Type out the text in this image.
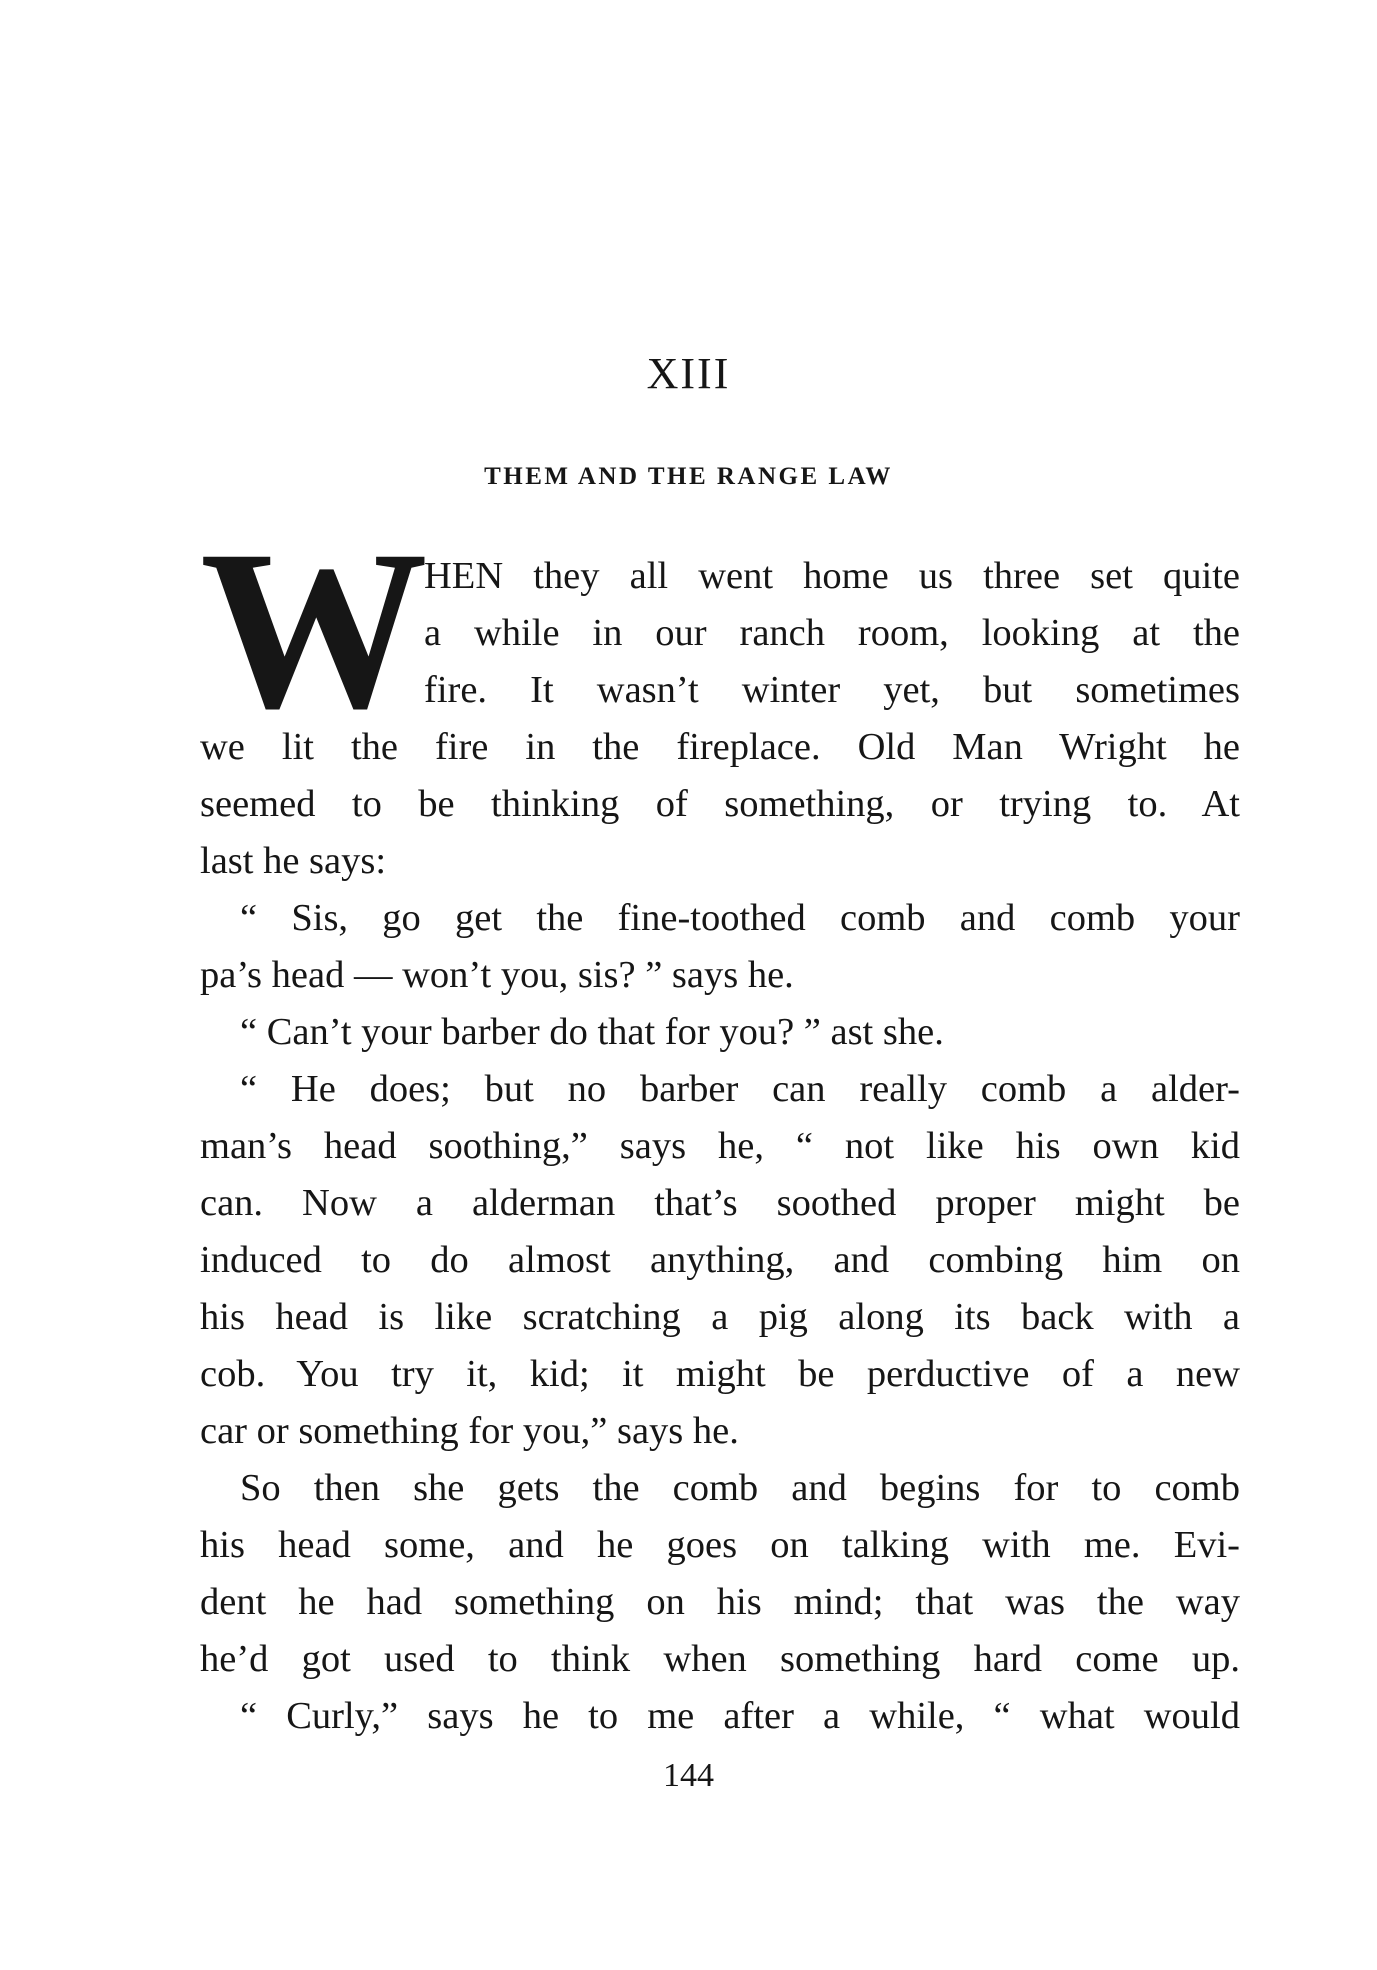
XIII
THEM AND THE RANGE LAW
W HEN they all went home us three set quite
a while in our ranch room, looking at the
fire. It wasn’t winter yet, but sometimes
we lit the fire in the fireplace. Old Man Wright he
seemed to be thinking of something, or trying to. At
last he says:
“ Sis, go get the fine-toothed comb and comb your
pa’s head — won’t you, sis? ” says he.
“ Can’t your barber do that for you? ” ast she.
“ He does; but no barber can really comb a alder-
man’s head soothing,” says he, “ not like his own kid
can. Now a alderman that’s soothed proper might be
induced to do almost anything, and combing him on
his head is like scratching a pig along its back with a
cob. You try it, kid; it might be perductive of a new
car or something for you,” says he.
So then she gets the comb and begins for to comb
his head some, and he goes on talking with me. Evi-
dent he had something on his mind; that was the way
he’d got used to think when something hard come up.
“ Curly,” says he to me after a while, “ what would
144
